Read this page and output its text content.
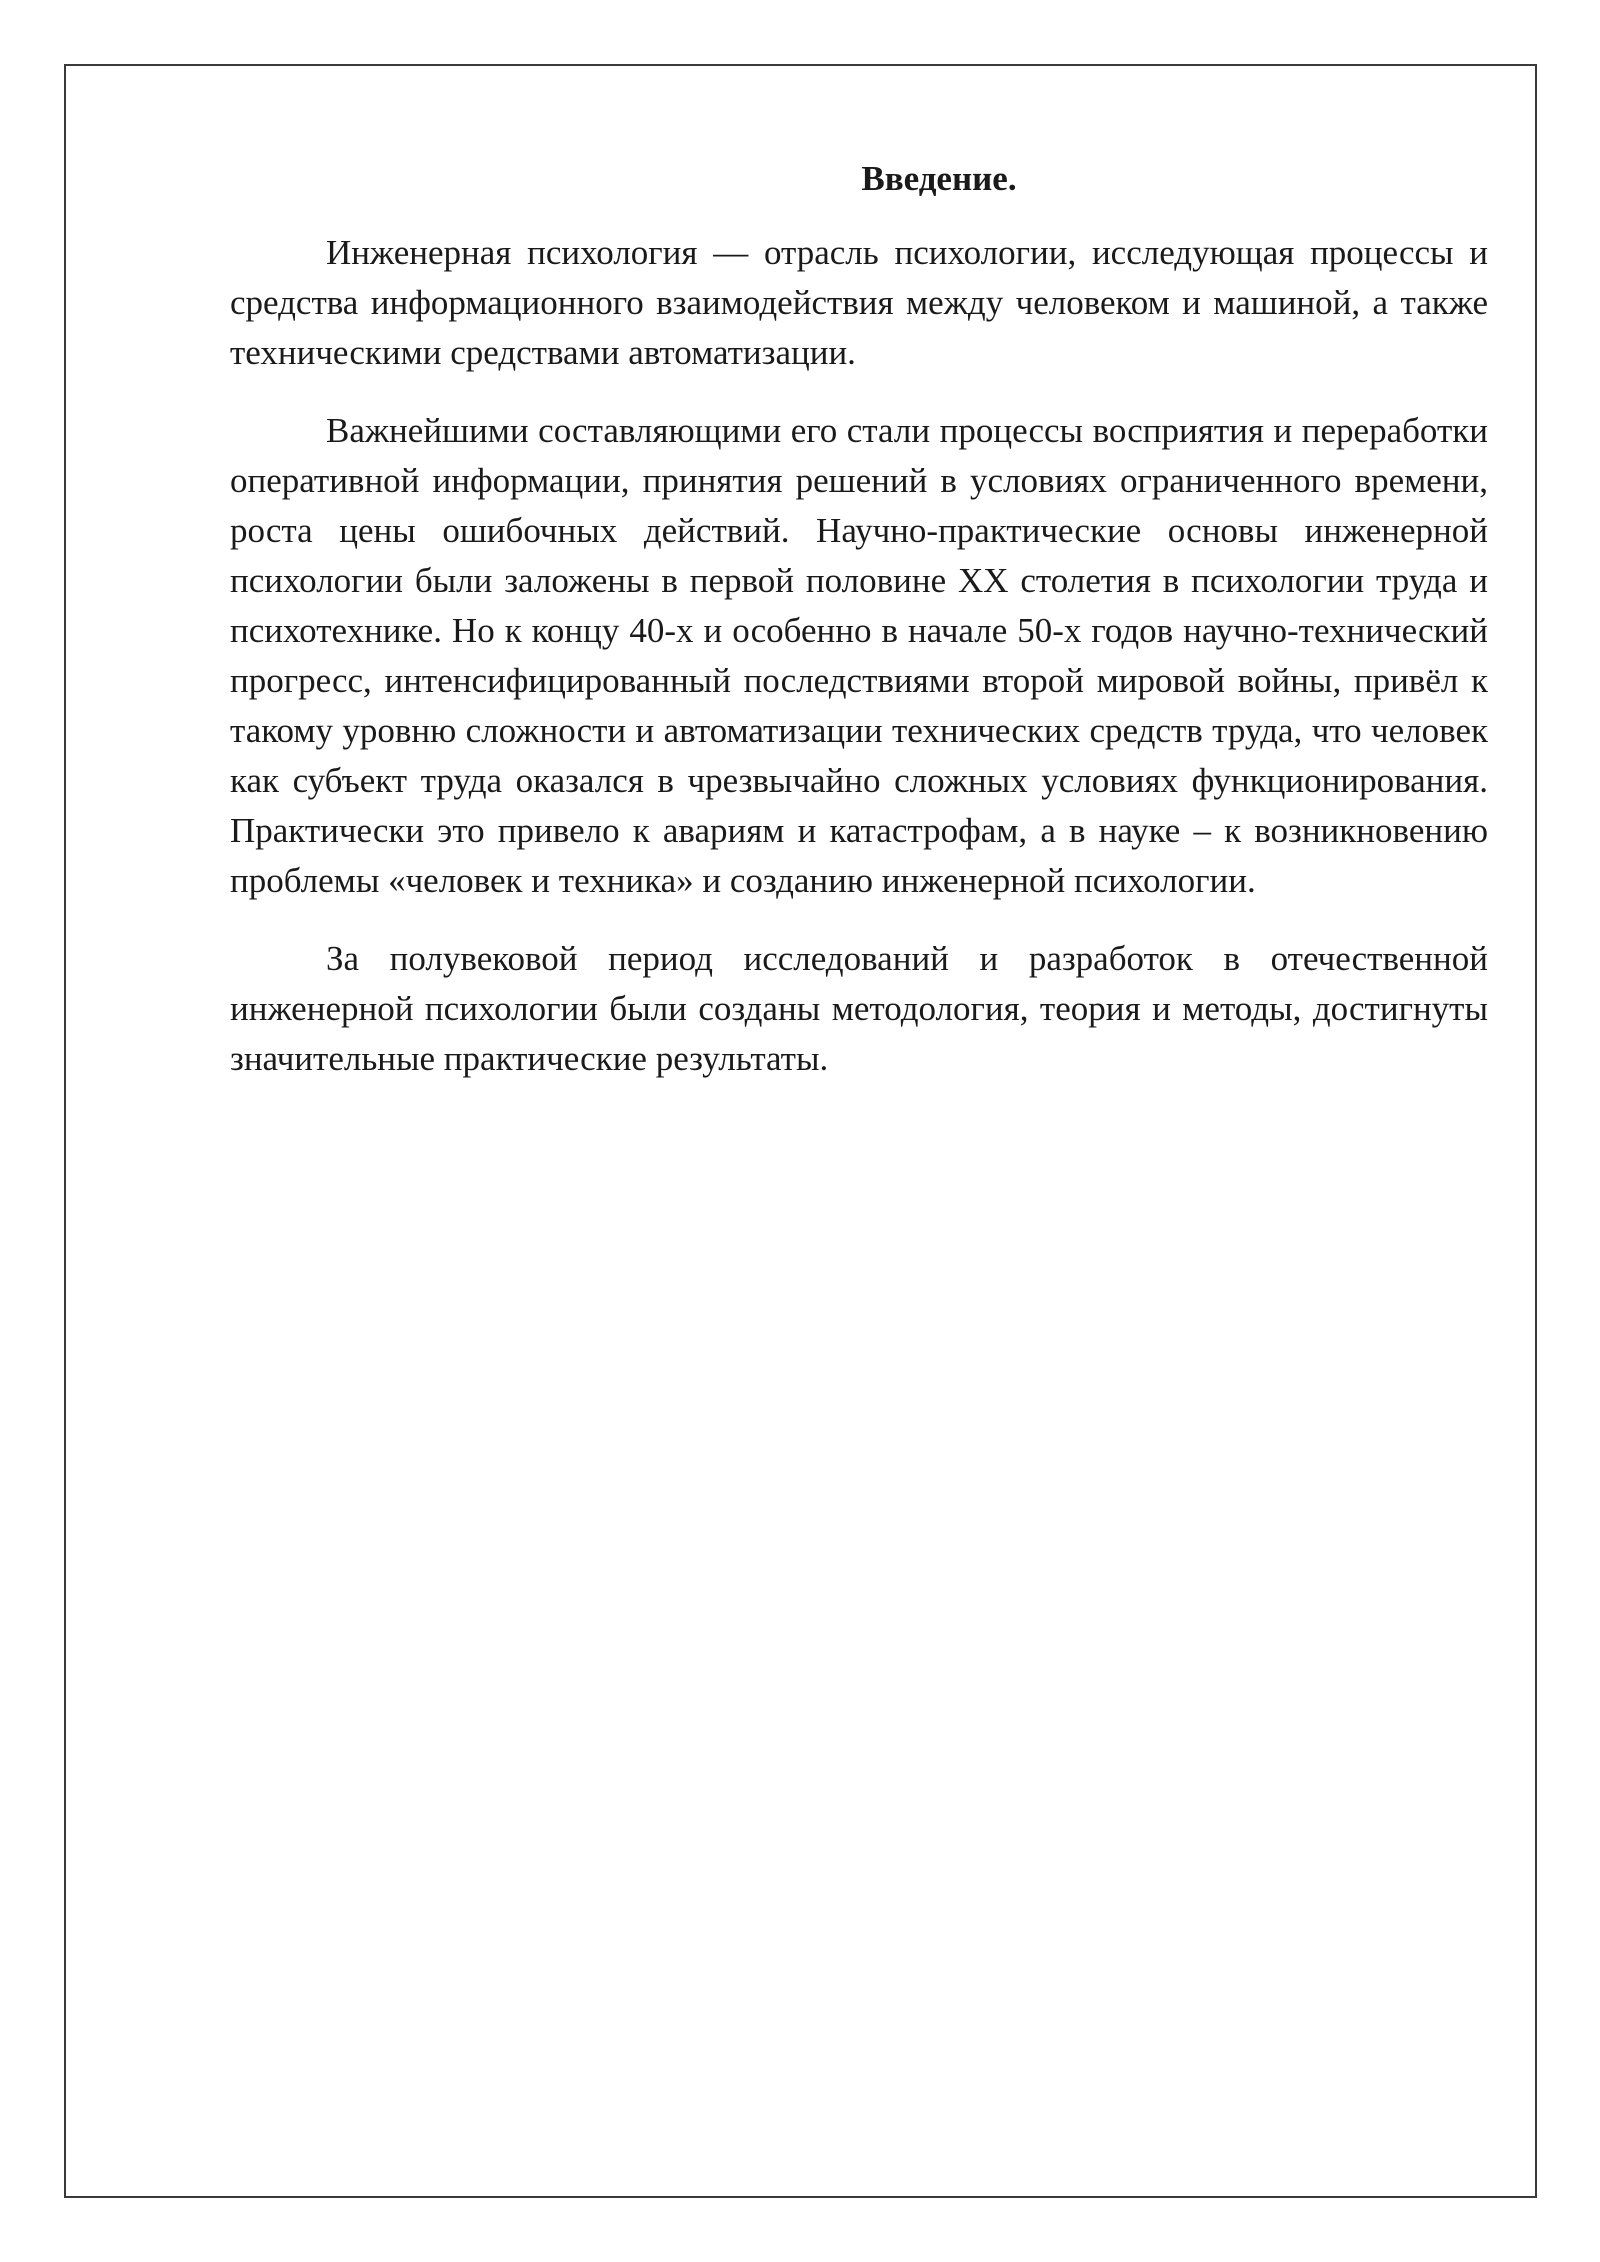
Введение.

Инженерная психология — отрасль психологии, исследующая процессы и средства информационного взаимодействия между человеком и машиной, а также техническими средствами автоматизации.

Важнейшими составляющими его стали процессы восприятия и переработки оперативной информации, принятия решений в условиях ограниченного времени, роста цены ошибочных действий. Научно-практические основы инженерной психологии были заложены в первой половине XX столетия в психологии труда и психотехнике. Но к концу 40-х и особенно в начале 50-х годов научно-технический прогресс, интенсифицированный последствиями второй мировой войны, привёл к такому уровню сложности и автоматизации технических средств труда, что человек как субъект труда оказался в чрезвычайно сложных условиях функционирования. Практически это привело к авариям и катастрофам, а в науке – к возникновению проблемы «человек и техника» и созданию инженерной психологии.

За полувековой период исследований и разработок в отечественной инженерной психологии были созданы методология, теория и методы, достигнуты значительные практические результаты.
